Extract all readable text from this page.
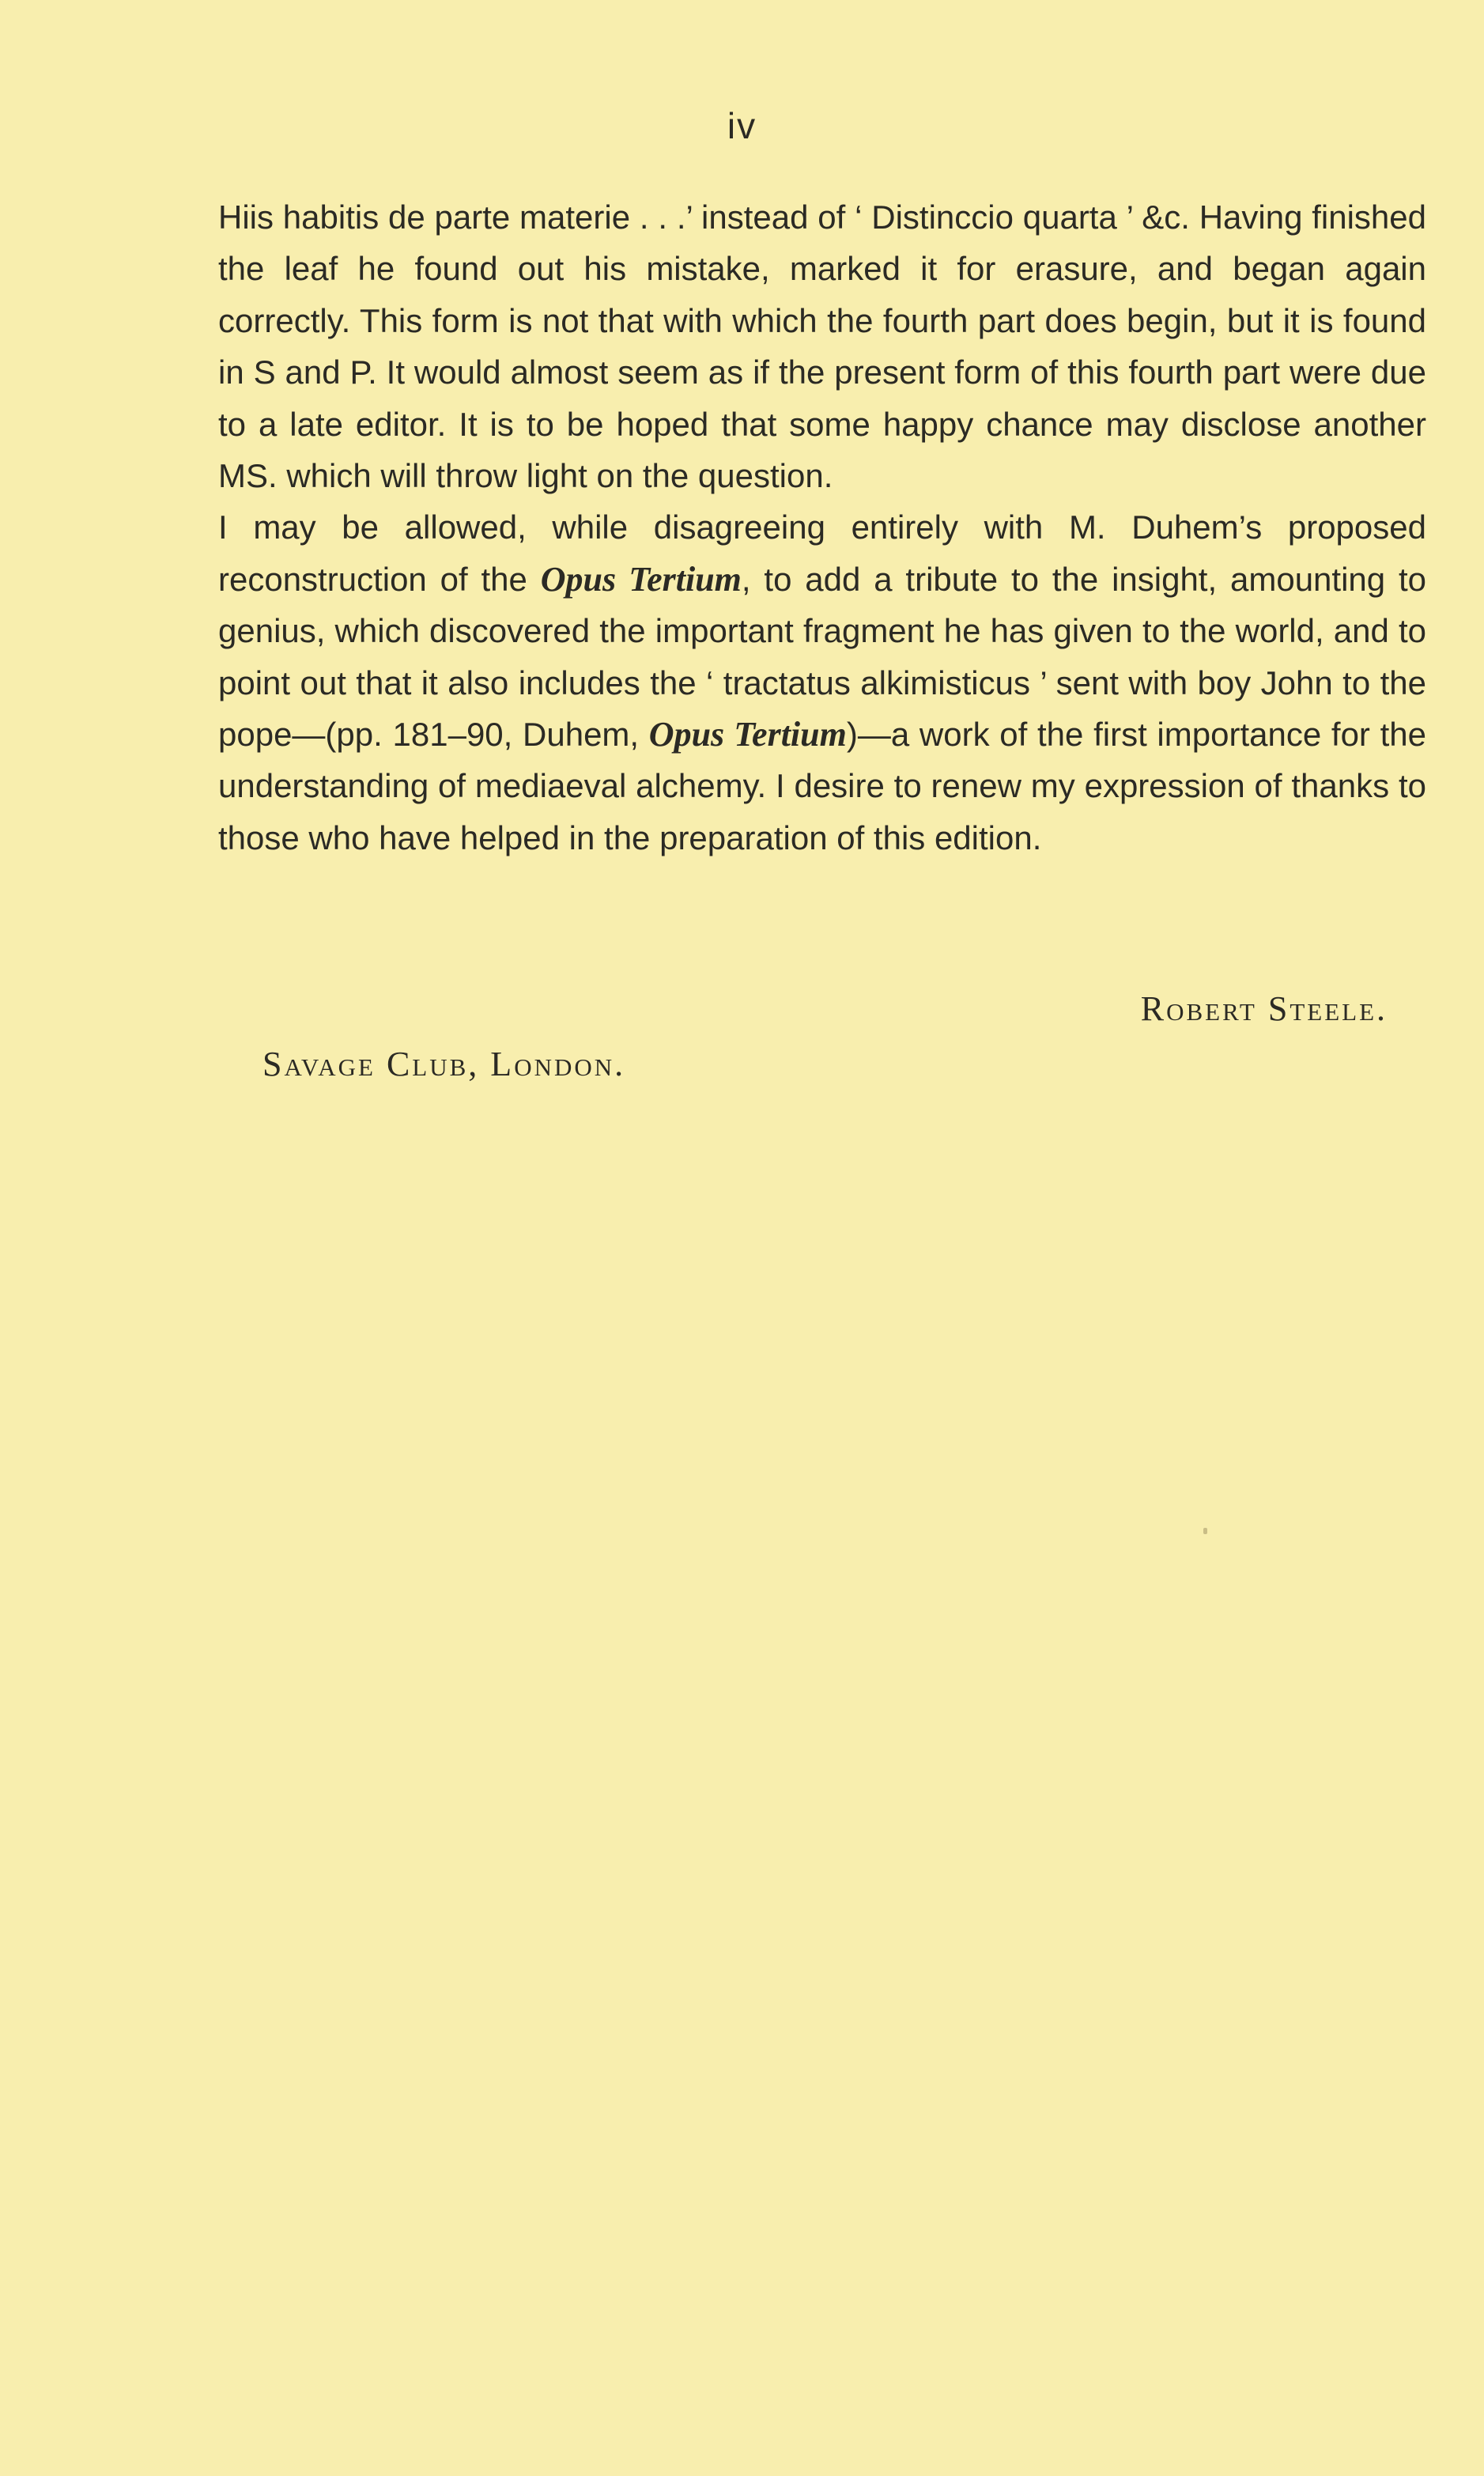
iv

Hiis habitis de parte materie . . .’ instead of ‘ Distinccio quarta ’ &c. Having finished the leaf he found out his mistake, marked it for erasure, and began again correctly. This form is not that with which the fourth part does begin, but it is found in S and P. It would almost seem as if the present form of this fourth part were due to a late editor. It is to be hoped that some happy chance may disclose another MS. which will throw light on the question.

I may be allowed, while disagreeing entirely with M. Duhem’s proposed reconstruction of the Opus Tertium, to add a tribute to the insight, amounting to genius, which discovered the important fragment he has given to the world, and to point out that it also includes the ‘ tractatus alkimisticus ’ sent with boy John to the pope—(pp. 181–90, Duhem, Opus Tertium)—a work of the first importance for the understanding of mediaeval alchemy. I desire to renew my expression of thanks to those who have helped in the preparation of this edition.

Robert Steele.
Savage Club, London.
